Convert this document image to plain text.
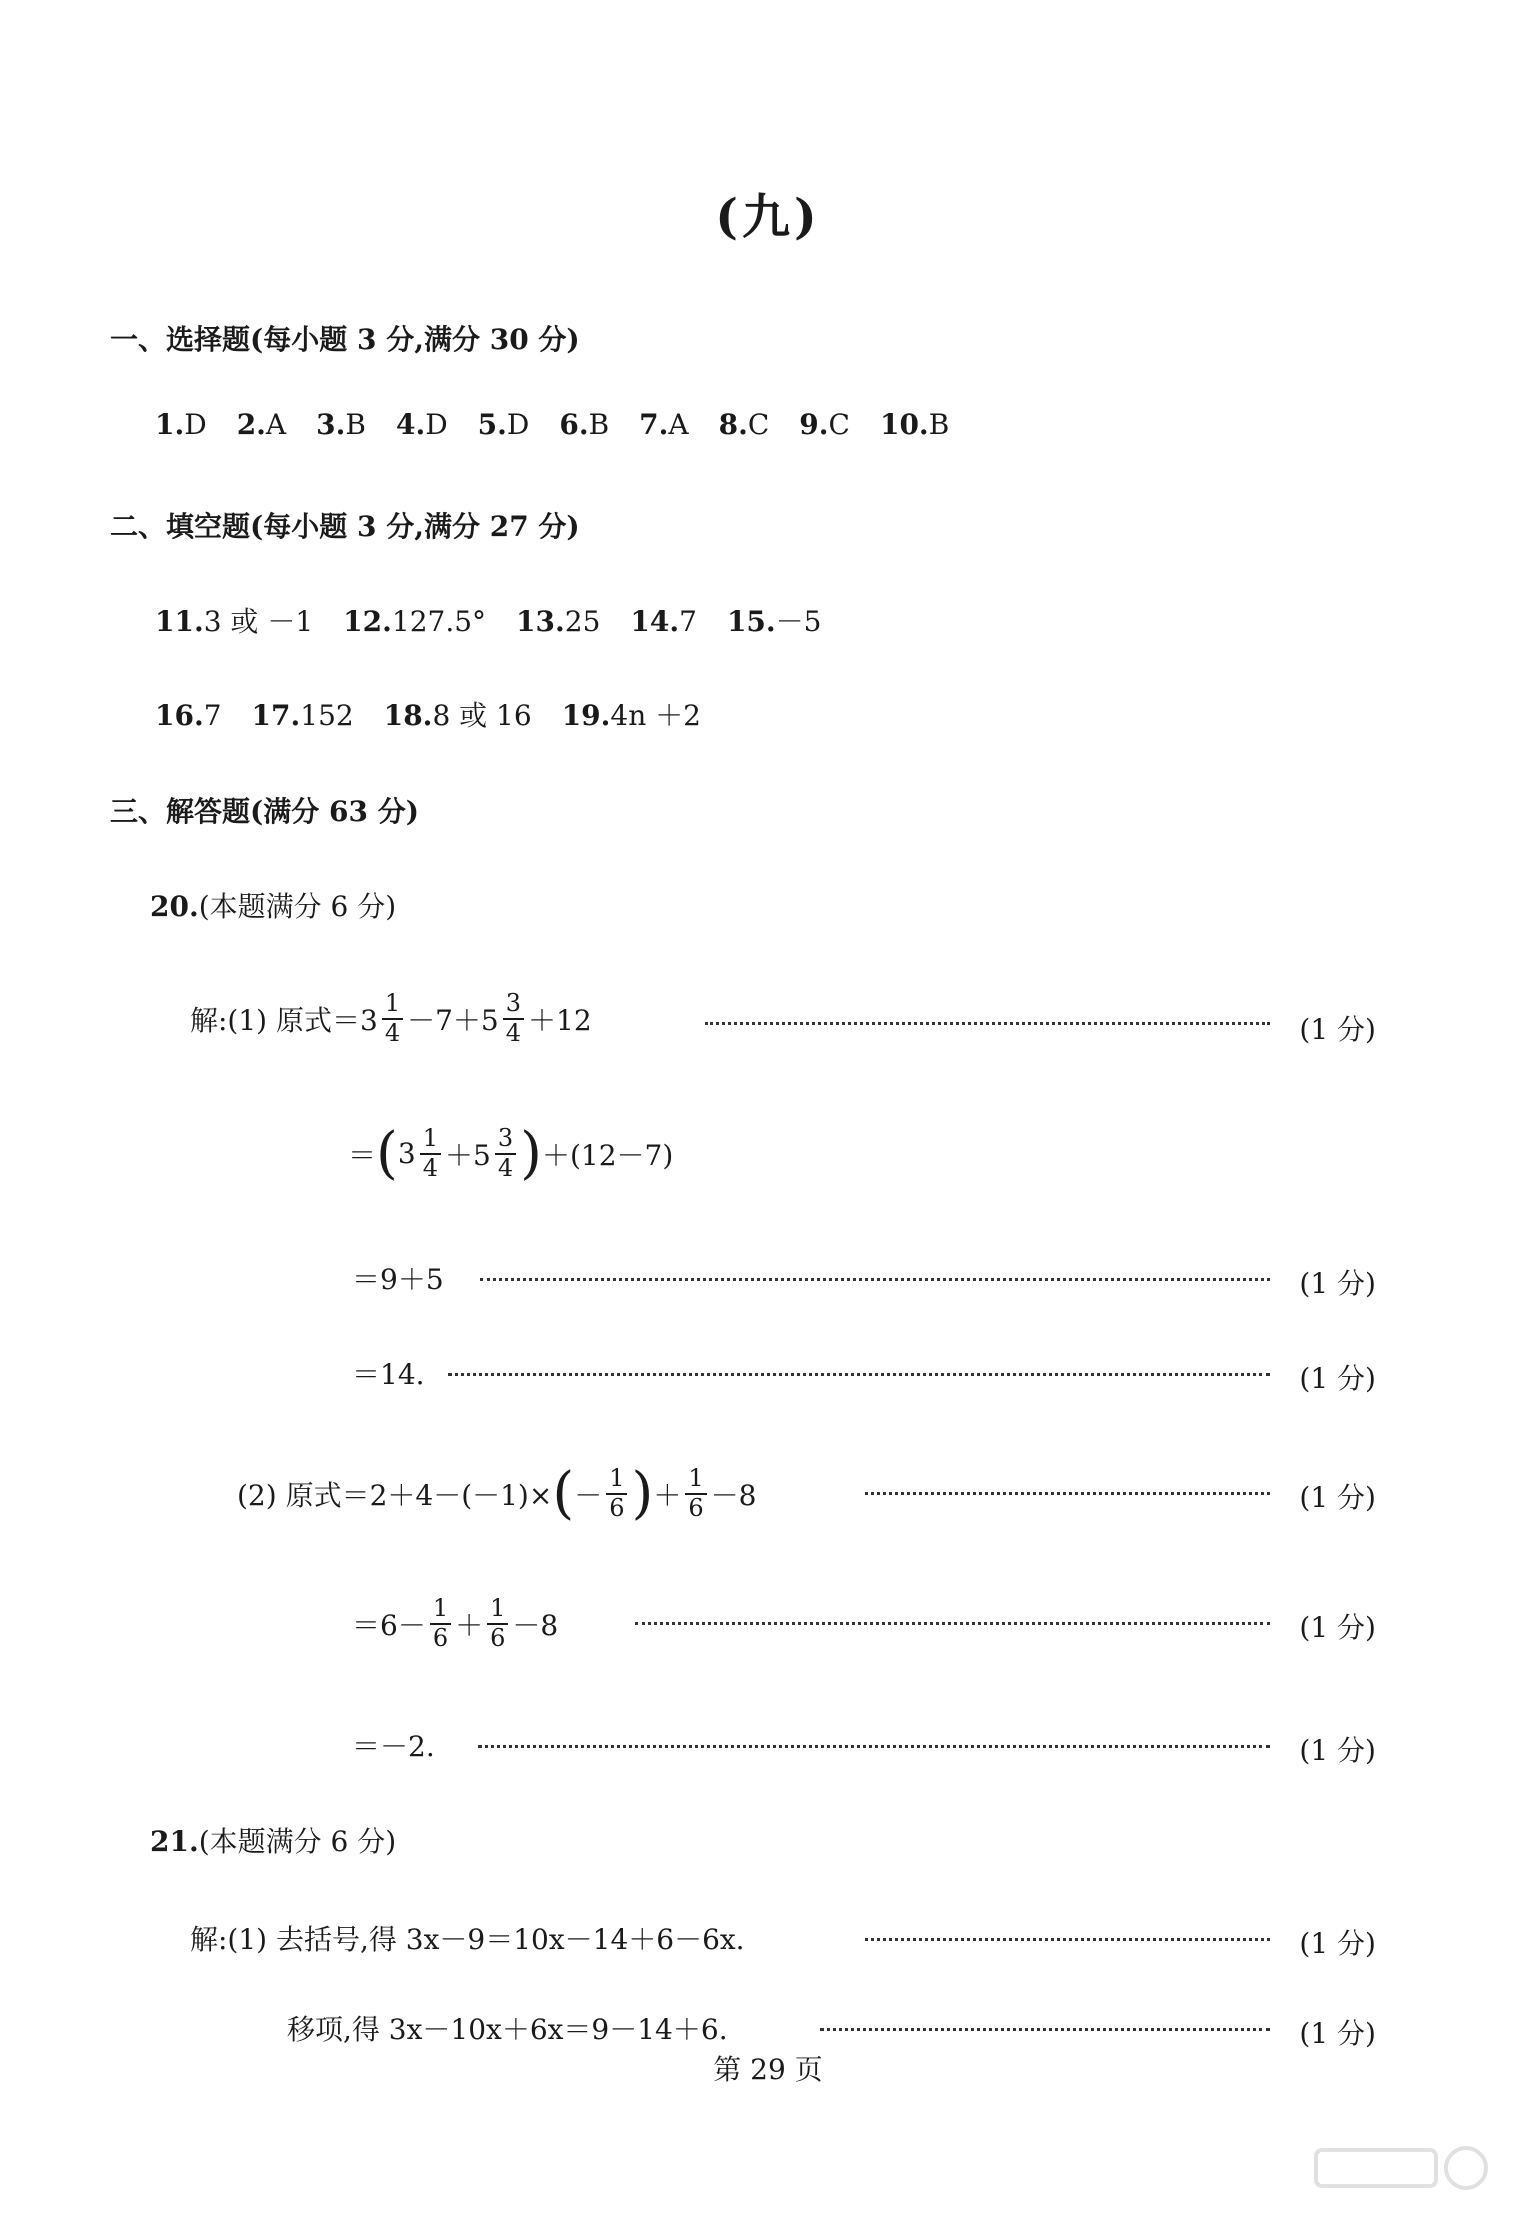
(九)
一、选择题(每小题 3 分,满分 30 分)
1.D 2.A 3.B 4.D 5.D 6.B 7.A 8.C 9.C 10.B
二、填空题(每小题 3 分,满分 27 分)
11.3 或 －1 12.127.5° 13.25 14.7 15.－5
16.7 17.152 18.8 或 16 19.4n ＋2
三、解答题(满分 63 分)
20.(本题满分 6 分)
解:(1) 原式$=3 \frac{1}{4} -7+5 \frac{3}{4} +12$	(1 分)
＝ ( $3 \frac{1}{4} +5 \frac{3}{4}$ ) ＋(12－7)
＝9＋5	(1 分)
＝14.	(1 分)
(2) 原式＝2＋4－(－1)× ( － $\frac{1}{6}$ ) ＋ $\frac{1}{6} -8$	(1 分)
$=6- \frac{1}{6} + \frac{1}{6} -8$	(1 分)
＝－2.	(1 分)
21.(本题满分 6 分)
解:(1) 去括号,得 3x－9＝10x－14＋6－6x.	(1 分)
移项,得 3x－10x＋6x＝9－14＋6.	(1 分)
第 29 页
